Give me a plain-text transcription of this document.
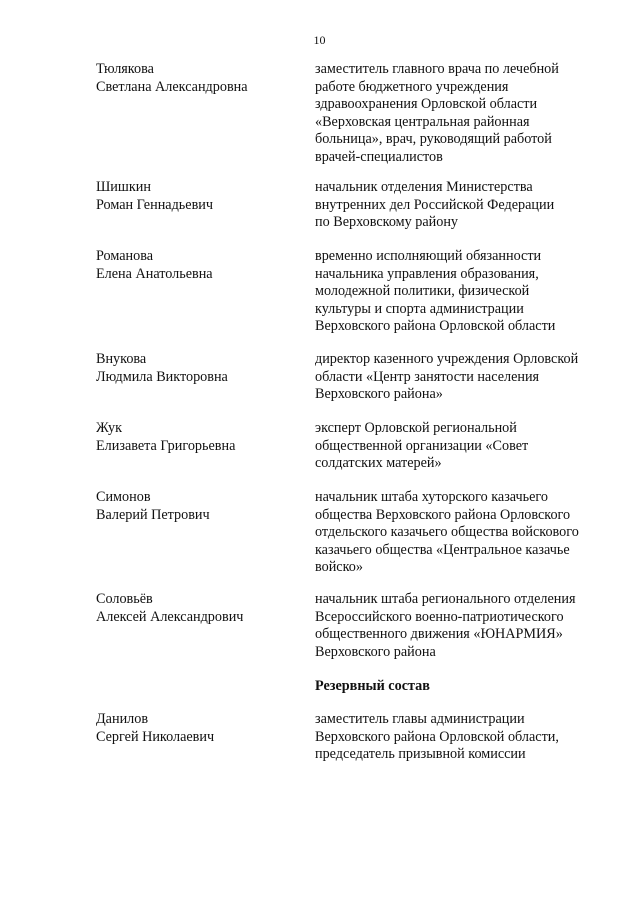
10
Тюлякова
Светлана Александровна
заместитель главного врача по лечебной
работе бюджетного учреждения
здравоохранения Орловской области
«Верховская центральная районная
больница», врач, руководящий работой
врачей-специалистов
Шишкин
Роман Геннадьевич
начальник отделения Министерства
внутренних дел Российской Федерации
по Верховскому району
Романова
Елена Анатольевна
временно исполняющий обязанности
начальника управления образования,
молодежной политики, физической
культуры и спорта администрации
Верховского района Орловской области
Внукова
Людмила Викторовна
директор казенного учреждения Орловской
области «Центр занятости населения
Верховского района»
Жук
Елизавета Григорьевна
эксперт Орловской региональной
общественной организации «Совет
солдатских матерей»
Симонов
Валерий Петрович
начальник штаба хуторского казачьего
общества Верховского района Орловского
отдельского казачьего общества войскового
казачьего общества «Центральное казачье
войско»
Соловьёв
Алексей Александрович
начальник штаба регионального отделения
Всероссийского военно-патриотического
общественного движения «ЮНАРМИЯ»
Верховского района
Резервный состав
Данилов
Сергей Николаевич
заместитель главы администрации
Верховского района Орловской области,
председатель призывной комиссии
